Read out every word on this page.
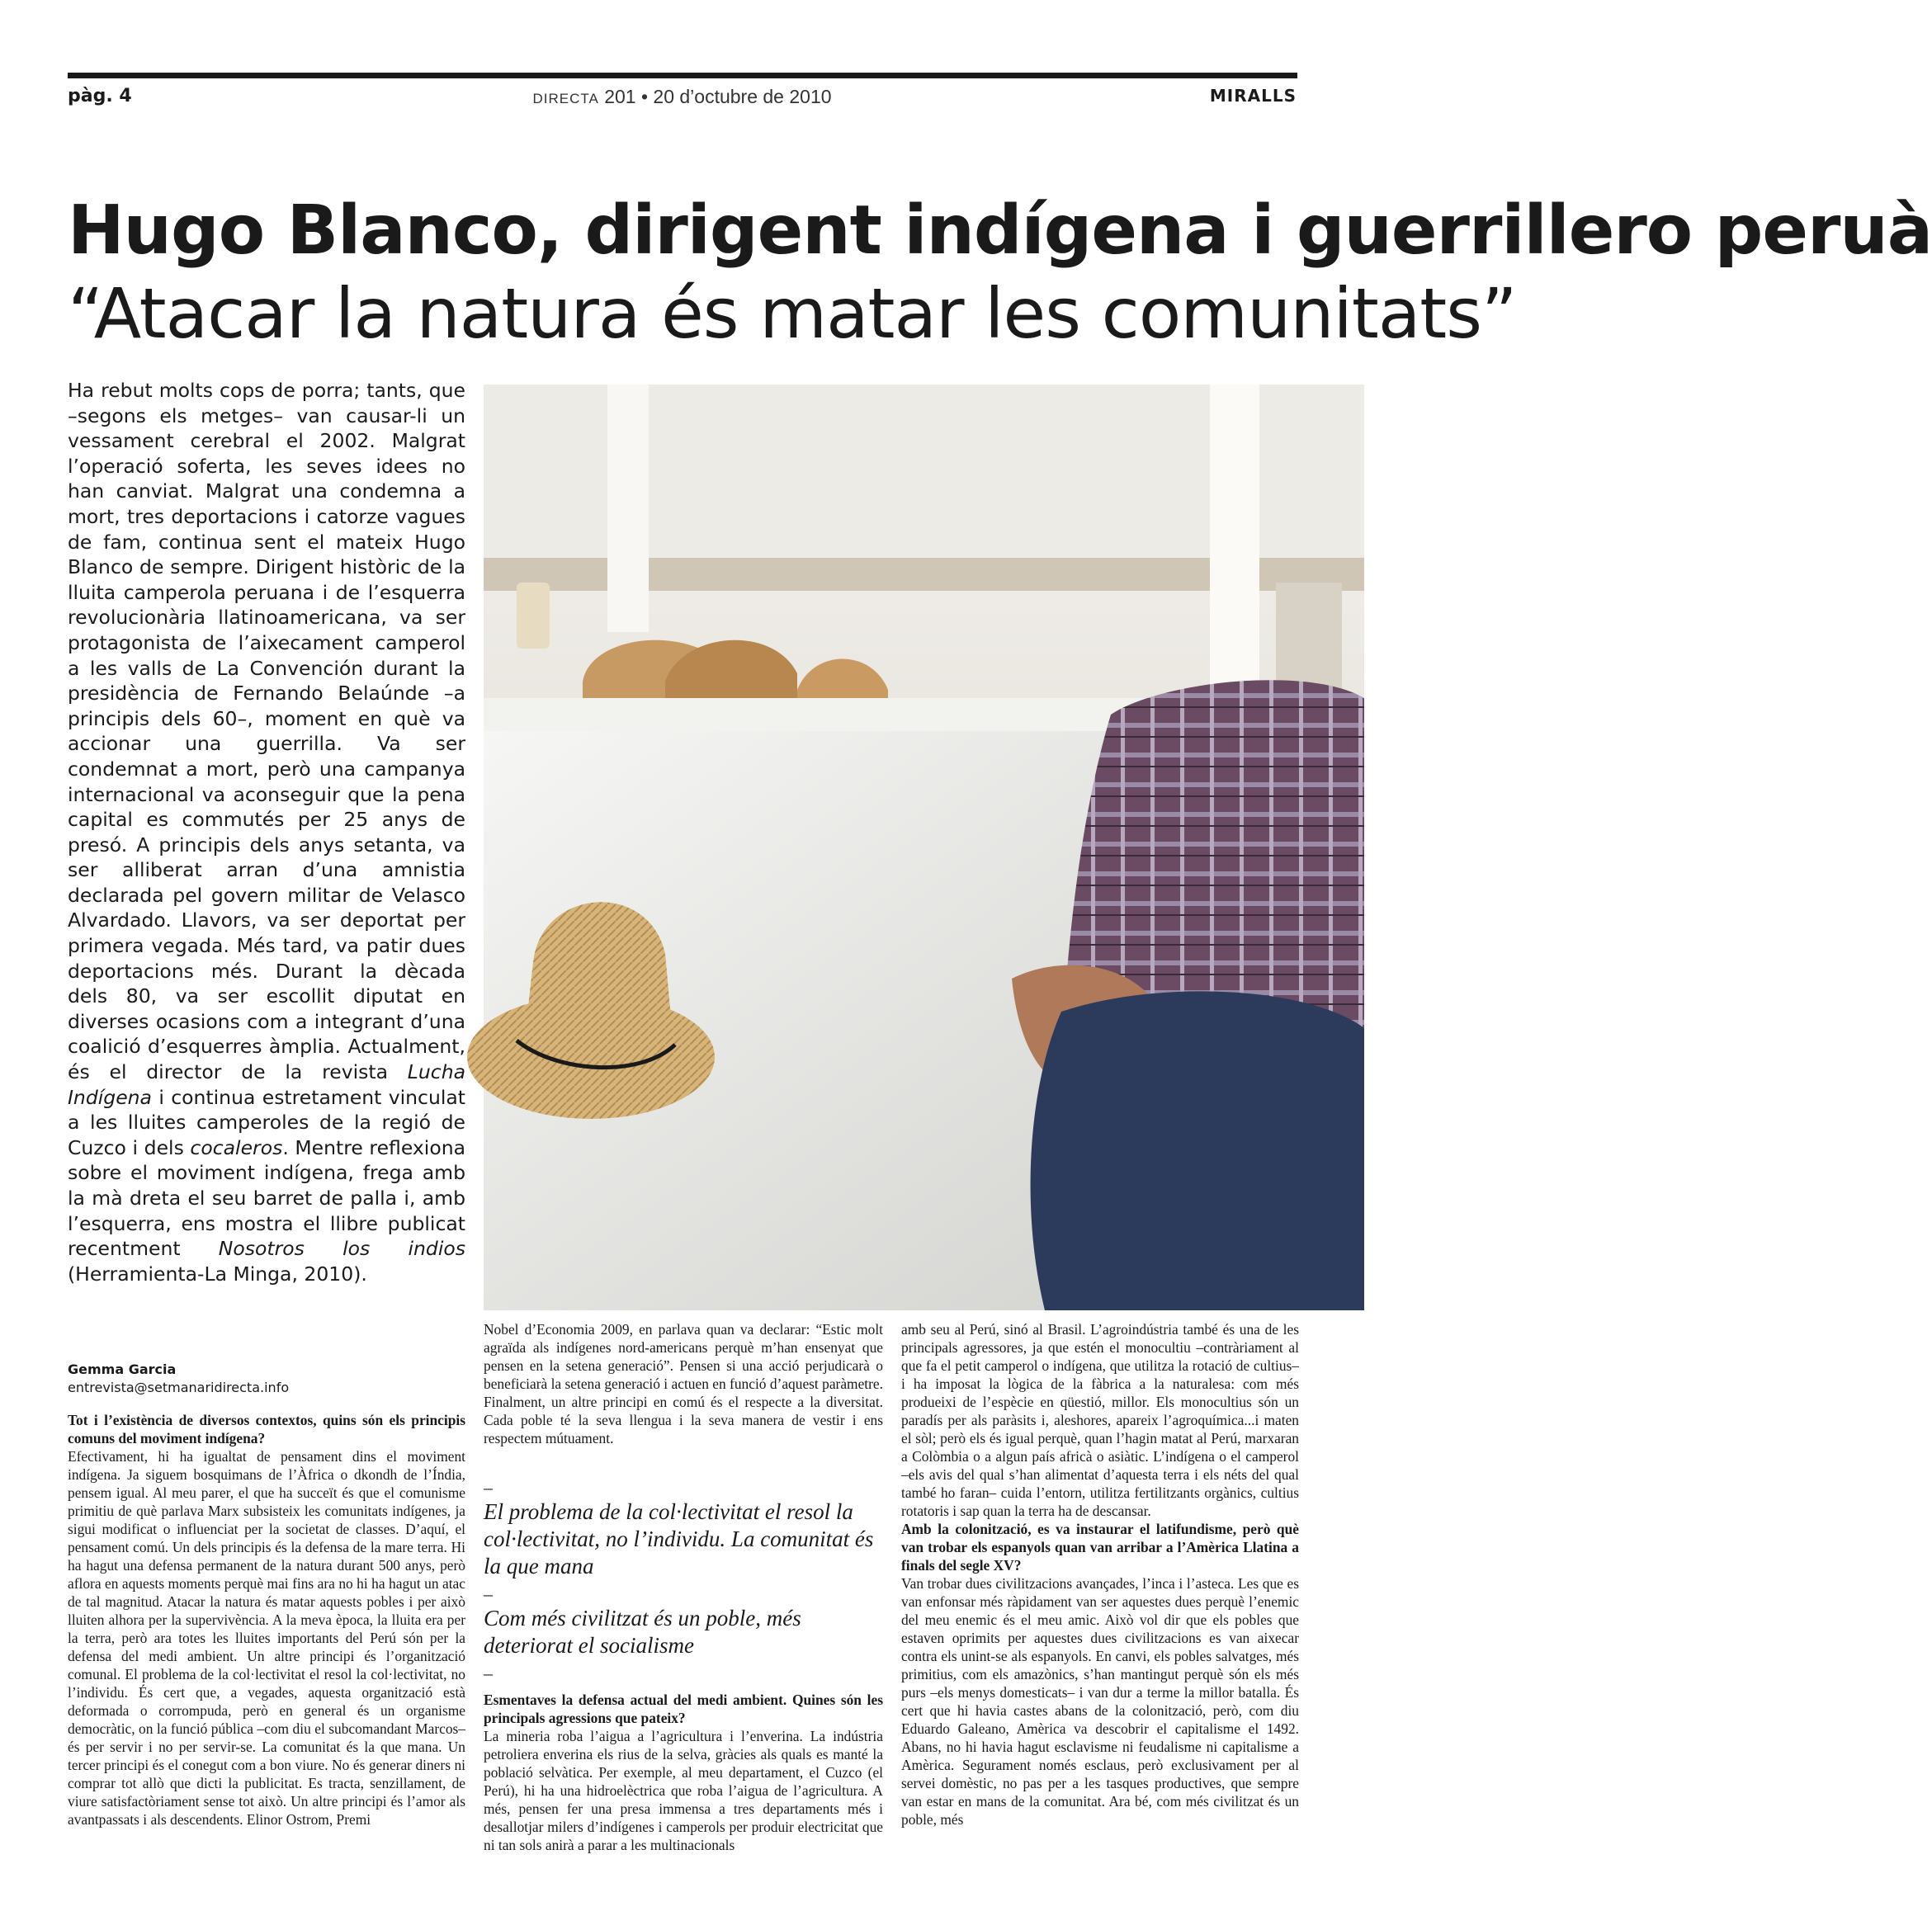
pàg. 4	DIRECTA 201 • 20 d’octubre de 2010	MIRALLS
Hugo Blanco, dirigent indígena i guerrillero peruà
“Atacar la natura és matar les comunitats”

Ha rebut molts cops de porra; tants, que –segons els metges– van causar-li un vessament cerebral el 2002. Malgrat l’operació soferta, les seves idees no han canviat. Malgrat una condemna a mort, tres deportacions i catorze vagues de fam, continua sent el mateix Hugo Blanco de sempre. Dirigent històric de la lluita camperola peruana i de l’esquerra revolucionària llatinoamericana, va ser protagonista de l’aixecament camperol a les valls de La Convención durant la presidència de Fernando Belaúnde –a principis dels 60–, moment en què va accionar una guerrilla. Va ser condemnat a mort, però una campanya internacional va aconseguir que la pena capital es commutés per 25 anys de presó. A principis dels anys setanta, va ser alliberat arran d’una amnistia declarada pel govern militar de Velasco Alvardado. Llavors, va ser deportat per primera vegada. Més tard, va patir dues deportacions més. Durant la dècada dels 80, va ser escollit diputat en diverses ocasions com a integrant d’una coalició d’esquerres àmplia. Actualment, és el director de la revista Lucha Indígena i continua estretament vinculat a les lluites camperoles de la regió de Cuzco i dels cocaleros. Mentre reflexiona sobre el moviment indígena, frega amb la mà dreta el seu barret de palla i, amb l’esquerra, ens mostra el llibre publicat recentment Nosotros los indios (Herramienta-La Minga, 2010).

Gemma Garcia
entrevista@setmanaridirecta.info

Tot i l’existència de diversos contextos, quins són els principis comuns del moviment indígena?

Efectivament, hi ha igualtat de pensament dins el moviment indígena. Ja siguem bosquimans de l’Àfrica o dkondh de l’Índia, pensem igual. Al meu parer, el que ha succeït és que el comunisme primitiu de què parlava Marx subsisteix les comunitats indígenes, ja sigui modificat o influenciat per la societat de classes. D’aquí, el pensament comú. Un dels principis és la defensa de la mare terra. Hi ha hagut una defensa permanent de la natura durant 500 anys, però aflora en aquests moments perquè mai fins ara no hi ha hagut un atac de tal magnitud. Atacar la natura és matar aquests pobles i per això lluiten alhora per la supervivència. A la meva època, la lluita era per la terra, però ara totes les lluites importants del Perú són per la defensa del medi ambient. Un altre principi és l’organització comunal. El problema de la col·lectivitat el resol la col·lectivitat, no l’individu. És cert que, a vegades, aquesta organització està deformada o corrompuda, però en general és un organisme democràtic, on la funció pública –com diu el subcomandant Marcos– és per servir i no per servir-se. La comunitat és la que mana. Un tercer principi és el conegut com a bon viure. No és generar diners ni comprar tot allò que dicti la publicitat. Es tracta, senzillament, de viure satisfactòriament sense tot això. Un altre principi és l’amor als avantpassats i als descendents. Elinor Ostrom, Premi

Nobel d’Economia 2009, en parlava quan va declarar: “Estic molt agraïda als indígenes nord-americans perquè m’han ensenyat que pensen en la setena generació”. Pensen si una acció perjudicarà o beneficiarà la setena generació i actuen en funció d’aquest paràmetre. Finalment, un altre principi en comú és el respecte a la diversitat. Cada poble té la seva llengua i la seva manera de vestir i ens respectem mútuament.

–

El problema de la col·lectivitat el resol la col·lectivitat, no l’individu. La comunitat és la que mana

–

Com més civilitzat és un poble, més deteriorat el socialisme

–

Esmentaves la defensa actual del medi ambient. Quines són les principals agressions que pateix?

La mineria roba l’aigua a l’agricultura i l’enverina. La indústria petroliera enverina els rius de la selva, gràcies als quals es manté la població selvàtica. Per exemple, al meu departament, el Cuzco (el Perú), hi ha una hidroelèctrica que roba l’aigua de l’agricultura. A més, pensen fer una presa immensa a tres departaments més i desallotjar milers d’indígenes i camperols per produir electricitat que ni tan sols anirà a parar a les multinacionals

amb seu al Perú, sinó al Brasil. L’agroindústria també és una de les principals agressores, ja que estén el monocultiu –contràriament al que fa el petit camperol o indígena, que utilitza la rotació de cultius– i ha imposat la lògica de la fàbrica a la naturalesa: com més produeixi de l’espècie en qüestió, millor. Els monocultius són un paradís per als paràsits i, aleshores, apareix l’agroquímica...i maten el sòl; però els és igual perquè, quan l’hagin matat al Perú, marxaran a Colòmbia o a algun país africà o asiàtic. L’indígena o el camperol –els avis del qual s’han alimentat d’aquesta terra i els néts del qual també ho faran– cuida l’entorn, utilitza fertilitzants orgànics, cultius rotatoris i sap quan la terra ha de descansar.

Amb la colonització, es va instaurar el latifundisme, però què van trobar els espanyols quan van arribar a l’Amèrica Llatina a finals del segle XV?

Van trobar dues civilitzacions avançades, l’inca i l’asteca. Les que es van enfonsar més ràpidament van ser aquestes dues perquè l’enemic del meu enemic és el meu amic. Això vol dir que els pobles que estaven oprimits per aquestes dues civilitzacions es van aixecar contra els unint-se als espanyols. En canvi, els pobles salvatges, més primitius, com els amazònics, s’han mantingut perquè són els més purs –els menys domesticats– i van dur a terme la millor batalla. És cert que hi havia castes abans de la colonització, però, com diu Eduardo Galeano, Amèrica va descobrir el capitalisme el 1492. Abans, no hi havia hagut esclavisme ni feudalisme ni capitalisme a Amèrica. Segurament només esclaus, però exclusivament per al servei domèstic, no pas per a les tasques productives, que sempre van estar en mans de la comunitat. Ara bé, com més civilitzat és un poble, més
